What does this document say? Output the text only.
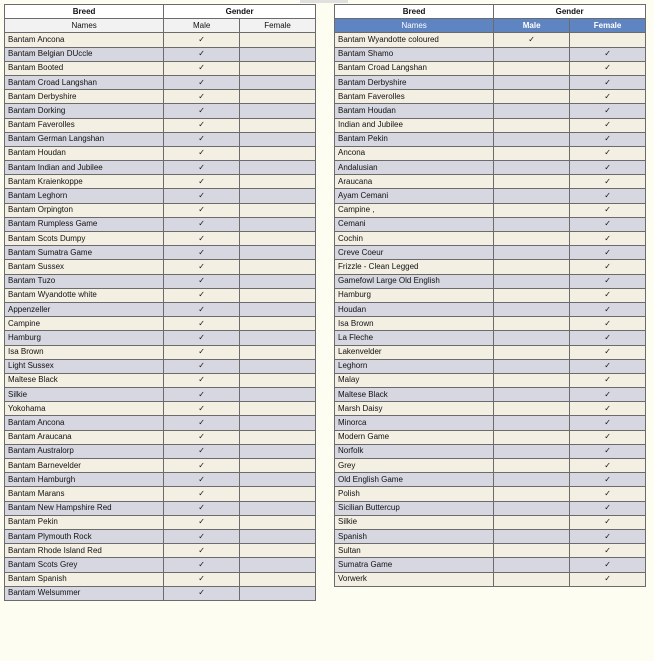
Breed	Gender	
Names	Male	Female
Bantam Ancona	✓	
Bantam Belgian DUccle	✓	
Bantam Booted	✓	
Bantam Croad Langshan	✓	
Bantam Derbyshire	✓	
Bantam Dorking	✓	
Bantam Faverolles	✓	
Bantam German Langshan	✓	
Bantam Houdan	✓	
Bantam Indian and Jubilee	✓	
Bantam Kraienkoppe	✓	
Bantam Leghorn	✓	
Bantam Orpington	✓	
Bantam Rumpless Game	✓	
Bantam Scots Dumpy	✓	
Bantam Sumatra Game	✓	
Bantam Sussex	✓	
Bantam Tuzo	✓	
Bantam Wyandotte white	✓	
Appenzeller	✓	
Campine	✓	
Hamburg	✓	
Isa Brown	✓	
Light Sussex	✓	
Maltese Black	✓	
Silkie	✓	
Yokohama	✓	
Bantam Ancona	✓	
Bantam Araucana	✓	
Bantam Australorp	✓	
Bantam Barnevelder	✓	
Bantam Hamburgh	✓	
Bantam Marans	✓	
Bantam New Hampshire Red	✓	
Bantam Pekin	✓	
Bantam Plymouth Rock	✓	
Bantam Rhode Island Red	✓	
Bantam Scots Grey	✓	
Bantam Spanish	✓	
Bantam Welsummer	✓	
Breed	Gender	
Names	Male	Female
Bantam Wyandotte coloured	✓	
Bantam Shamo		✓
Bantam Croad Langshan		✓
Bantam Derbyshire		✓
Bantam Faverolles		✓
Bantam Houdan		✓
Indian and Jubilee		✓
Bantam Pekin		✓
Ancona		✓
Andalusian		✓
Araucana		✓
Ayam Cemani		✓
Campine ,		✓
Cemani		✓
Cochin		✓
Creve Coeur		✓
Frizzle - Clean Legged		✓
Gamefowl Large Old English		✓
Hamburg		✓
Houdan		✓
Isa Brown		✓
La Fleche		✓
Lakenvelder		✓
Leghorn		✓
Malay		✓
Maltese Black		✓
Marsh Daisy		✓
Minorca		✓
Modern Game		✓
Norfolk		✓
Grey		✓
Old English Game		✓
Polish		✓
Sicilian Buttercup		✓
Silkie		✓
Spanish		✓
Sultan		✓
Sumatra Game		✓
Vorwerk		✓
